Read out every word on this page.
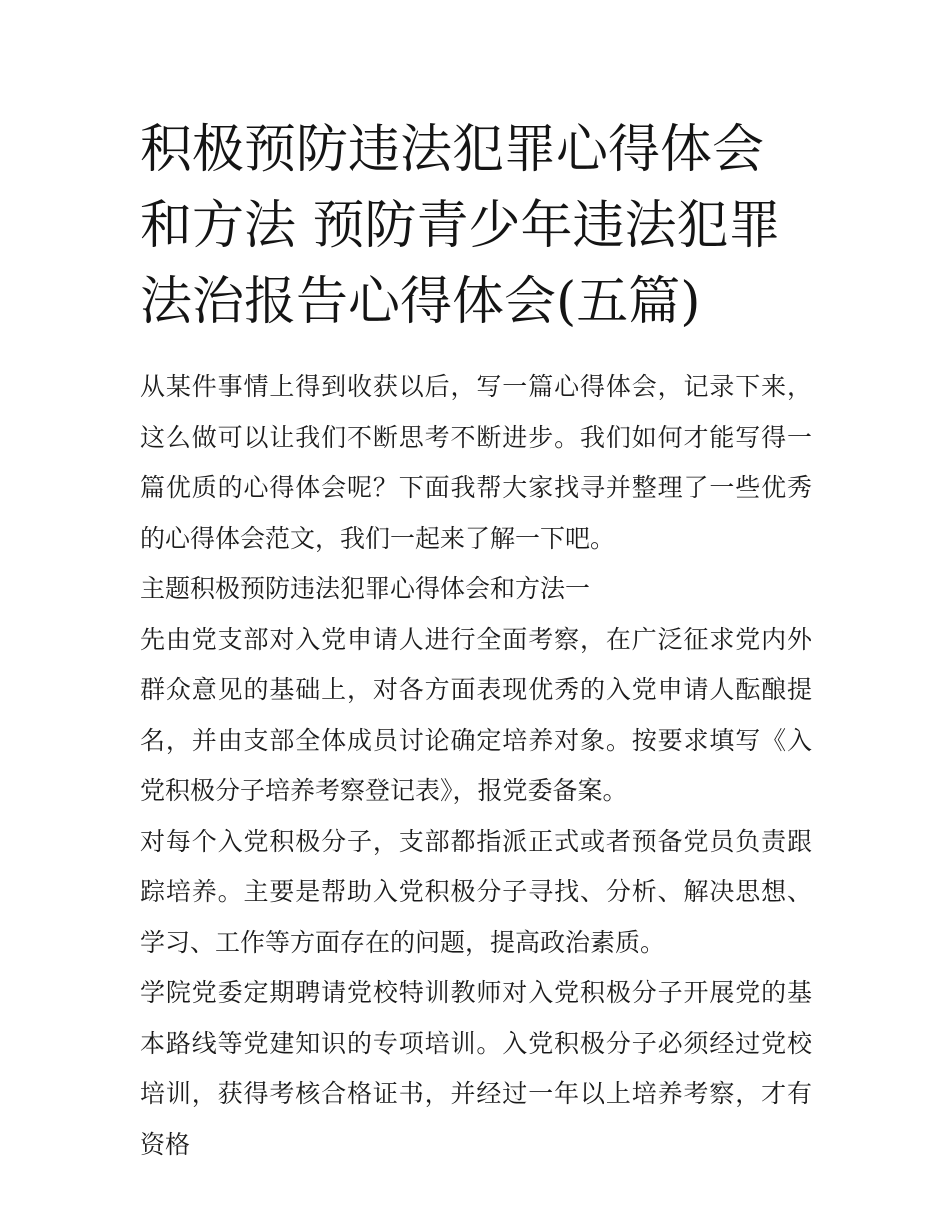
积极预防违法犯罪心得体会和方法 预防青少年违法犯罪法治报告心得体会(五篇)

从某件事情上得到收获以后，写一篇心得体会，记录下来，这么做可以让我们不断思考不断进步。我们如何才能写得一篇优质的心得体会呢？下面我帮大家找寻并整理了一些优秀的心得体会范文，我们一起来了解一下吧。

主题积极预防违法犯罪心得体会和方法一

先由党支部对入党申请人进行全面考察，在广泛征求党内外群众意见的基础上，对各方面表现优秀的入党申请人酝酿提名，并由支部全体成员讨论确定培养对象。按要求填写《入党积极分子培养考察登记表》，报党委备案。

对每个入党积极分子，支部都指派正式或者预备党员负责跟踪培养。主要是帮助入党积极分子寻找、分析、解决思想、学习、工作等方面存在的问题，提高政治素质。

学院党委定期聘请党校特训教师对入党积极分子开展党的基本路线等党建知识的专项培训。入党积极分子必须经过党校培训，获得考核合格证书，并经过一年以上培养考察，才有资格
